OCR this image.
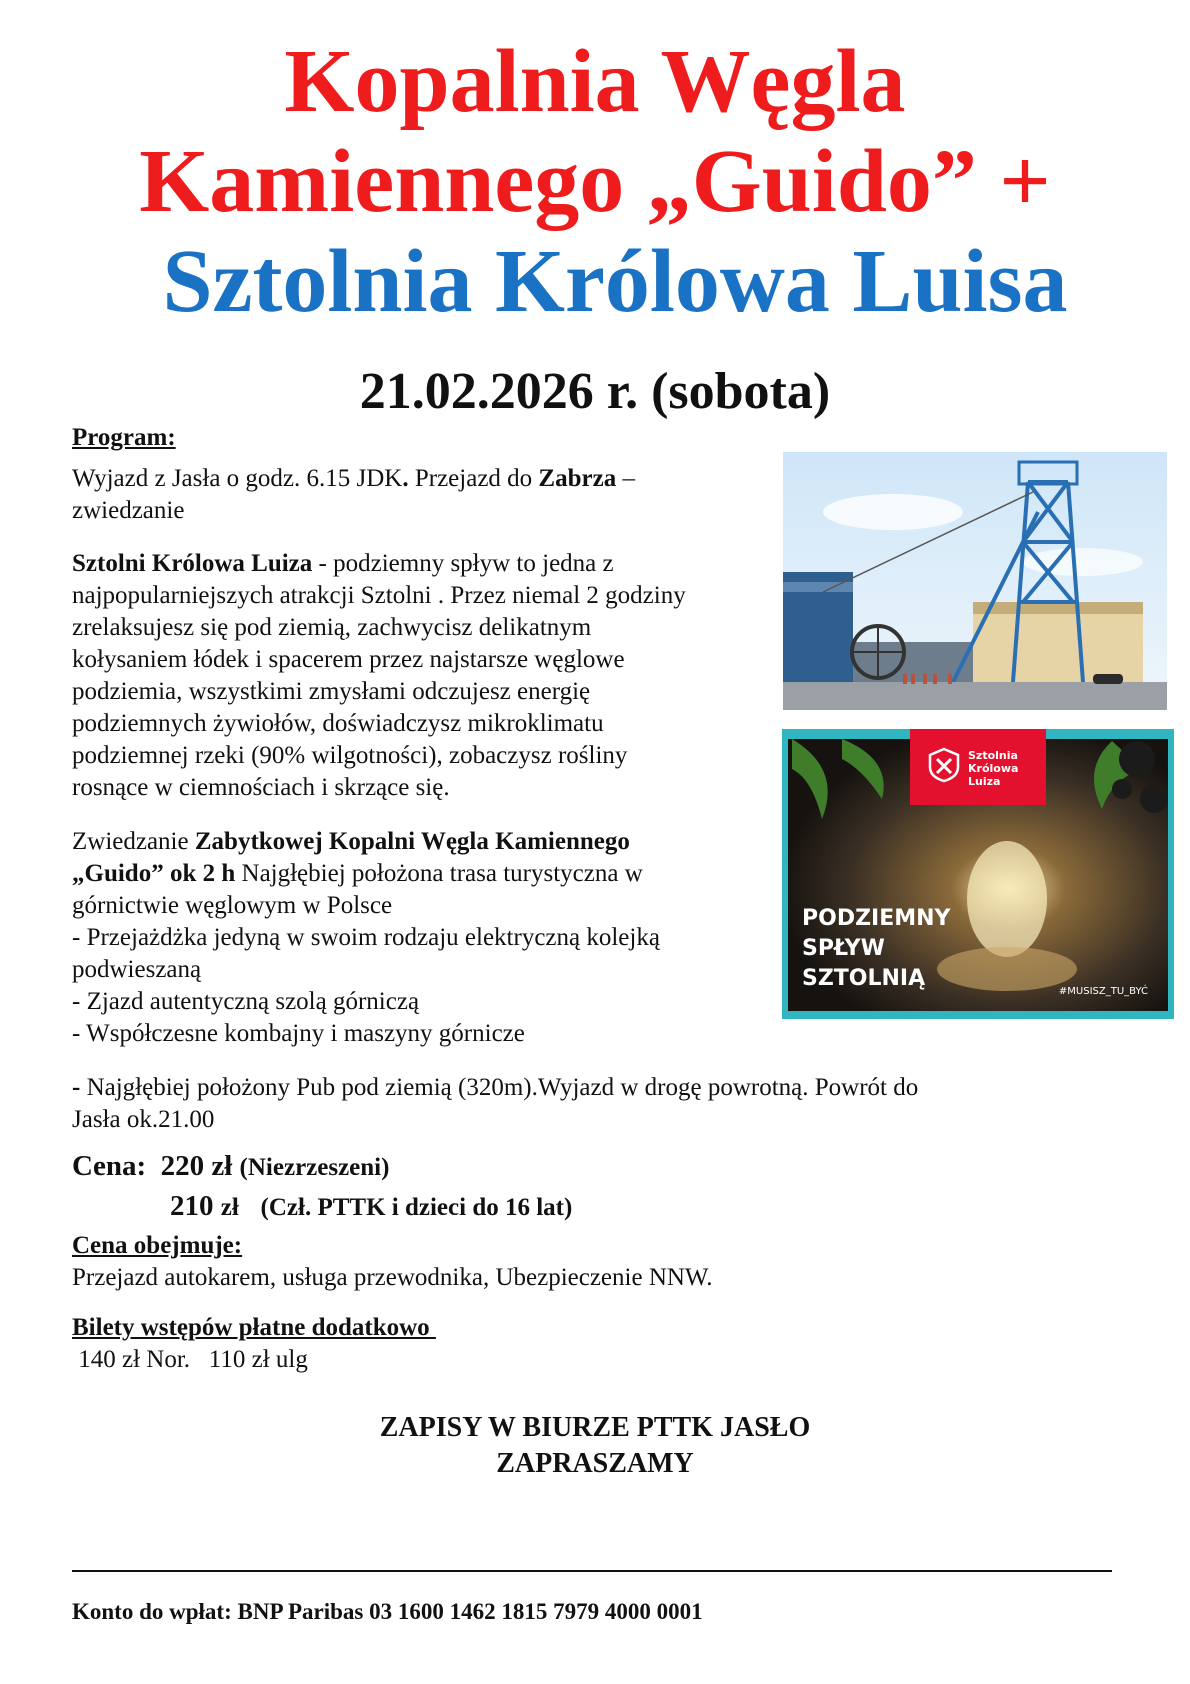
Kopalnia Węgla
Kamiennego „Guido” +
Sztolnia Królowa Luisa
21.02.2026 r. (sobota)
Program:
Wyjazd z Jasła o godz. 6.15 JDK. Przejazd do Zabrza –
zwiedzanie
Sztolni Królowa Luiza - podziemny spływ to jedna z
najpopularniejszych atrakcji Sztolni . Przez niemal 2 godziny
zrelaksujesz się pod ziemią, zachwycisz delikatnym
kołysaniem łódek i spacerem przez najstarsze węglowe
podziemia, wszystkimi zmysłami odczujesz energię
podziemnych żywiołów, doświadczysz mikroklimatu
podziemnej rzeki (90% wilgotności), zobaczysz rośliny
rosnące w ciemnościach i skrzące się.
Zwiedzanie Zabytkowej Kopalni Węgla Kamiennego
„Guido” ok 2 h Najgłębiej położona trasa turystyczna w
górnictwie węglowym w Polsce
- Przejażdżka jedyną w swoim rodzaju elektryczną kolejką
podwieszaną
- Zjazd autentyczną szolą górniczą
- Współczesne kombajny i maszyny górnicze
- Najgłębiej położony Pub pod ziemią (320m).Wyjazd w drogę powrotną. Powrót do
Jasła ok.21.00
Cena: 220 zł (Niezrzeszeni)
210 zł (Czł. PTTK i dzieci do 16 lat)
Cena obejmuje:
Przejazd autokarem, usługa przewodnika, Ubezpieczenie NNW.
Bilety wstępów płatne dodatkowo
140 zł Nor.   110 zł ulg
ZAPISY W BIURZE PTTK JASŁO
ZAPRASZAMY
Konto do wpłat: BNP Paribas 03 1600 1462 1815 7979 4000 0001
Sztolnia
Królowa
Luiza
PODZIEMNY
SPŁYW
SZTOLNIĄ
#MUSISZ_TU_BYĆ
